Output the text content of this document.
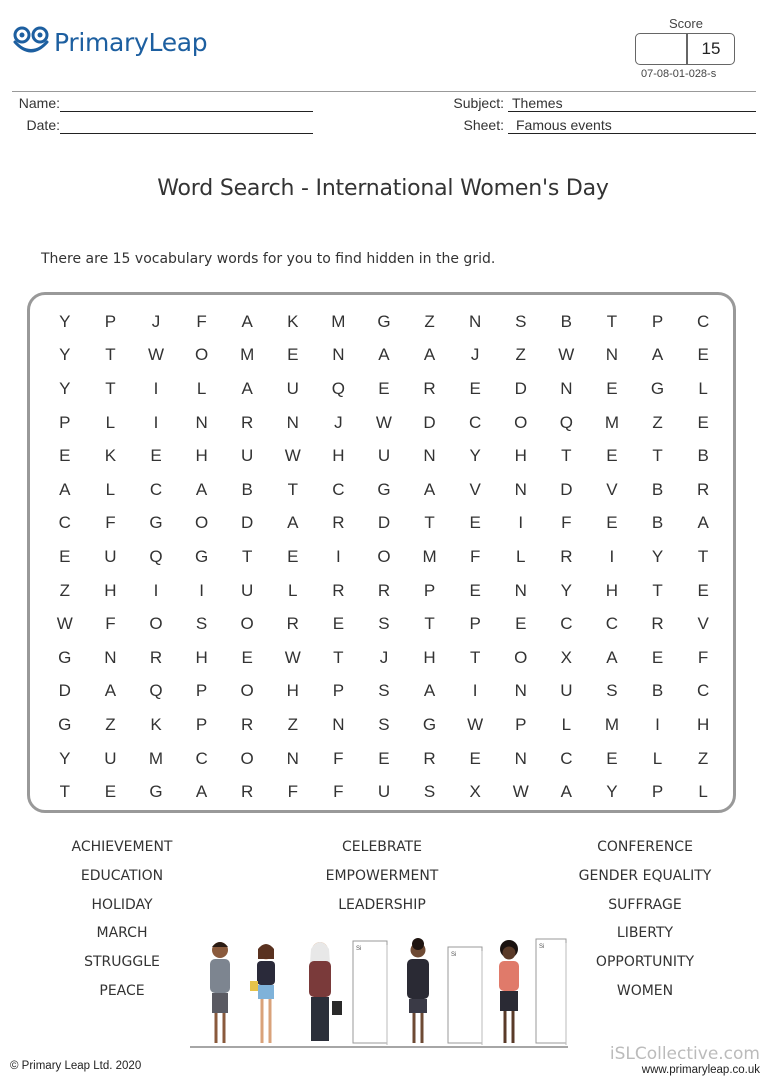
PrimaryLeap
Score
15
07-08-01-028-s
Name:
Date:
Subject: Themes
Sheet: Famous events
Word Search - International Women's Day
There are 15 vocabulary words for you to find hidden in the grid.
Y	P	J	F	A	K	M	G	Z	N	S	B	T	P	C
Y	T	W	O	M	E	N	A	A	J	Z	W	N	A	E
Y	T	I	L	A	U	Q	E	R	E	D	N	E	G	L
P	L	I	N	R	N	J	W	D	C	O	Q	M	Z	E
E	K	E	H	U	W	H	U	N	Y	H	T	E	T	B
A	L	C	A	B	T	C	G	A	V	N	D	V	B	R
C	F	G	O	D	A	R	D	T	E	I	F	E	B	A
E	U	Q	G	T	E	I	O	M	F	L	R	I	Y	T
Z	H	I	I	U	L	R	R	P	E	N	Y	H	T	E
W	F	O	S	O	R	E	S	T	P	E	C	C	R	V
G	N	R	H	E	W	T	J	H	T	O	X	A	E	F
D	A	Q	P	O	H	P	S	A	I	N	U	S	B	C
G	Z	K	P	R	Z	N	S	G	W	P	L	M	I	H
Y	U	M	C	O	N	F	E	R	E	N	C	E	L	Z
T	E	G	A	R	F	F	U	S	X	W	A	Y	P	L
ACHIEVEMENT
EDUCATION
HOLIDAY
MARCH
STRUGGLE
PEACE
CELEBRATE
EMPOWERMENT
LEADERSHIP
CONFERENCE
GENDER EQUALITY
SUFFRAGE
LIBERTY
OPPORTUNITY
WOMEN
Si
Si
Si
© Primary Leap Ltd. 2020
iSLCollective.com
www.primaryleap.co.uk
